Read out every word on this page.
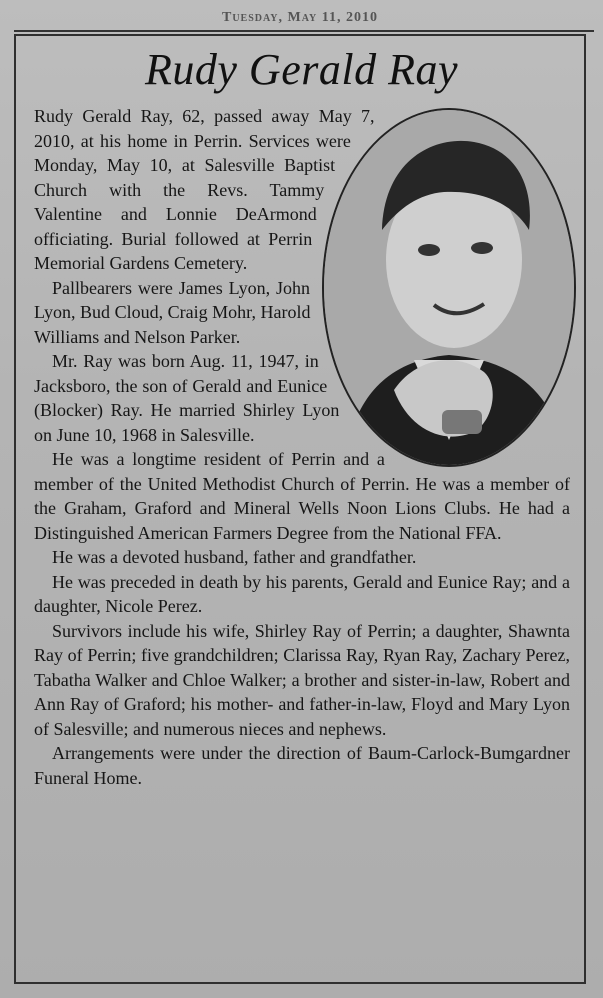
Tuesday, May 11, 2010
Rudy Gerald Ray

Rudy Gerald Ray, 62, passed away May 7, 2010, at his home in Perrin. Services were Monday, May 10, at Salesville Baptist Church with the Revs. Tammy Valentine and Lonnie DeArmond officiating. Burial followed at Perrin Memorial Gardens Cemetery.

Pallbearers were James Lyon, John Lyon, Bud Cloud, Craig Mohr, Harold Williams and Nelson Parker.

Mr. Ray was born Aug. 11, 1947, in Jacksboro, the son of Gerald and Eunice (Blocker) Ray. He married Shirley Lyon on June 10, 1968 in Salesville.

He was a longtime resident of Perrin and a member of the United Methodist Church of Perrin. He was a member of the Graham, Graford and Mineral Wells Noon Lions Clubs. He had a Distinguished American Farmers Degree from the National FFA.

He was a devoted husband, father and grandfather.

He was preceded in death by his parents, Gerald and Eunice Ray; and a daughter, Nicole Perez.

Survivors include his wife, Shirley Ray of Perrin; a daughter, Shawnta Ray of Perrin; five grandchildren; Clarissa Ray, Ryan Ray, Zachary Perez, Tabatha Walker and Chloe Walker; a brother and sister-in-law, Robert and Ann Ray of Graford; his mother- and father-in-law, Floyd and Mary Lyon of Salesville; and numerous nieces and nephews.

Arrangements were under the direction of Baum-Carlock-Bumgardner Funeral Home.
